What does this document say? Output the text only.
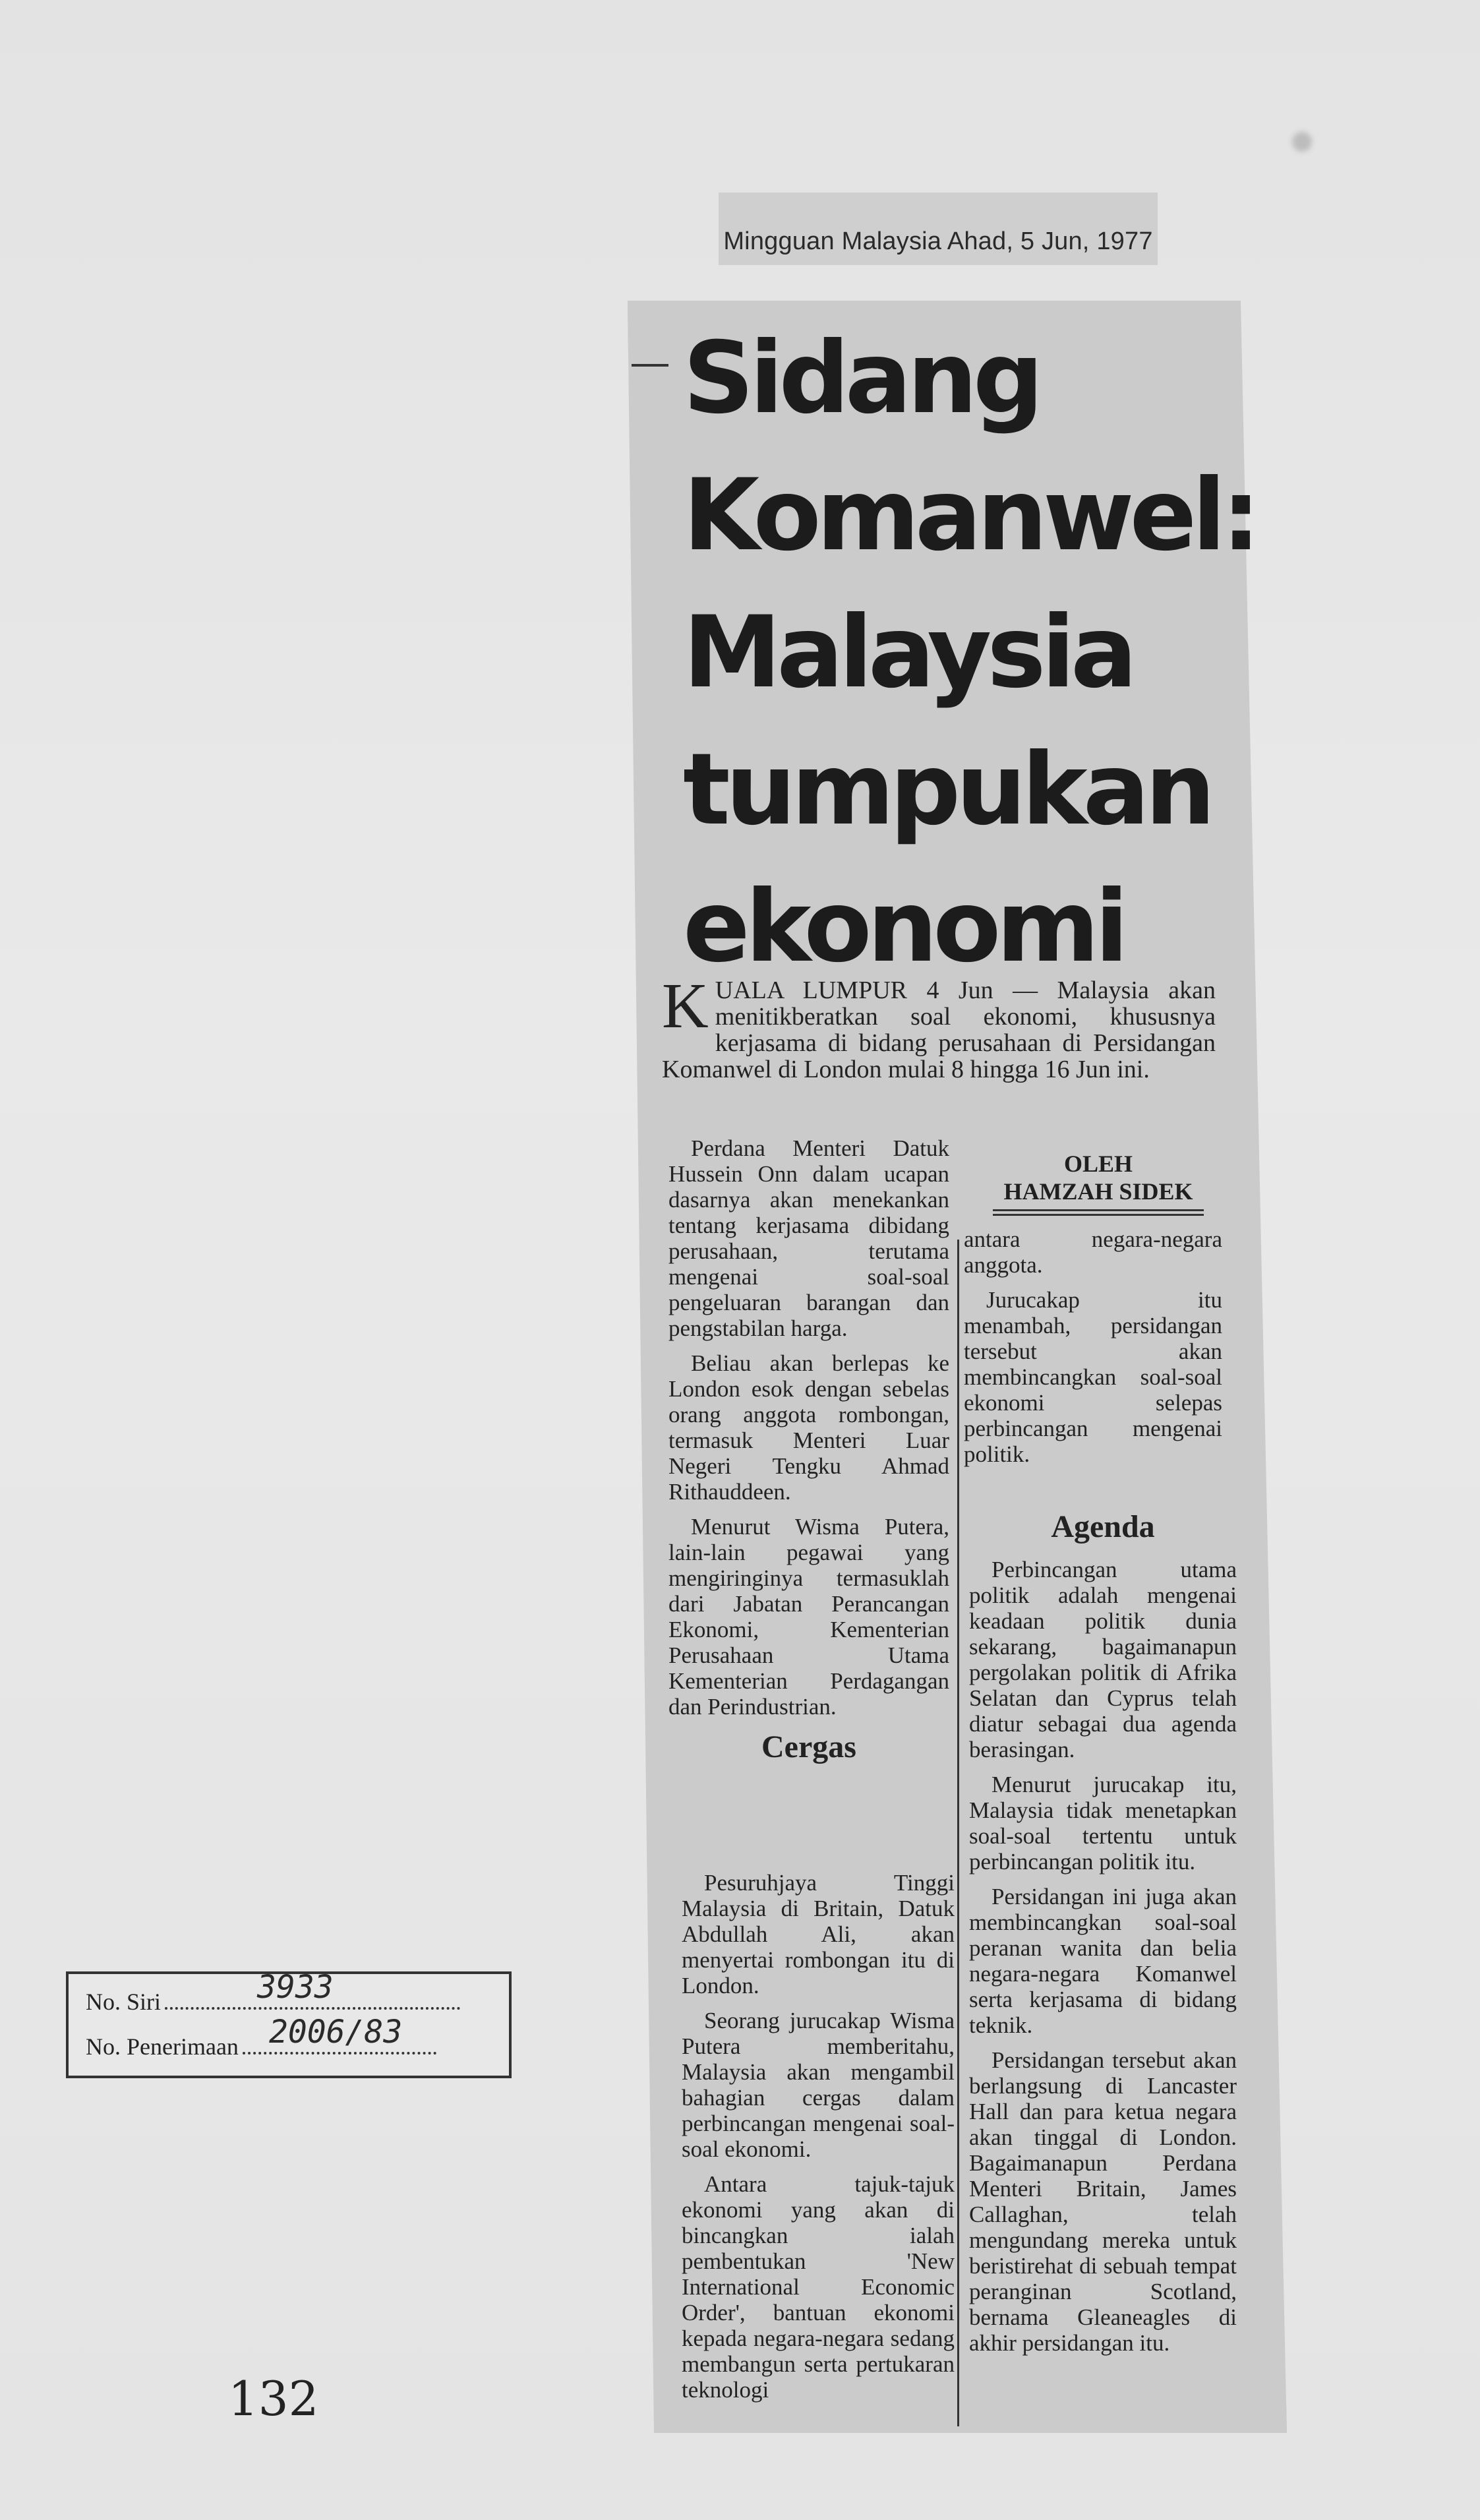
Mingguan Malaysia Ahad, 5 Jun, 1977
Sidang
Komanwel:
Malaysia
tumpukan
ekonomi
K UALA LUMPUR 4 Jun — Malaysia akan menitikberatkan soal ekonomi, khususnya kerjasama di bidang perusahaan di Persidangan Komanwel di London mulai 8 hingga 16 Jun ini.
OLEH
HAMZAH SIDEK

Perdana Menteri Datuk Hussein Onn dalam ucapan dasarnya akan menekankan tentang kerjasama dibidang perusahaan, terutama mengenai soal-soal pengeluaran barangan dan pengstabilan harga.

Beliau akan berlepas ke London esok dengan sebelas orang anggota rombongan, termasuk Menteri Luar Negeri Tengku Ahmad Rithauddeen.

Menurut Wisma Putera, lain-lain pegawai yang mengiringinya termasuklah dari Jabatan Perancangan Ekonomi, Kementerian Perusahaan Utama Kementerian Perdagangan dan Perindustrian.

Cergas

Pesuruhjaya Tinggi Malaysia di Britain, Datuk Abdullah Ali, akan menyertai rombongan itu di London.

Seorang jurucakap Wisma Putera memberitahu, Malaysia akan mengambil bahagian cergas dalam perbincangan mengenai soal-soal ekonomi.

Antara tajuk-tajuk ekonomi yang akan di bincangkan ialah pembentukan 'New International Economic Order', bantuan ekonomi kepada negara-negara sedang membangun serta pertukaran teknologi

antara negara-negara anggota.

Jurucakap itu menambah, persidangan tersebut akan membincangkan soal-soal ekonomi selepas perbincangan mengenai politik.

Agenda

Perbincangan utama politik adalah mengenai keadaan politik dunia sekarang, bagaimanapun pergolakan politik di Afrika Selatan dan Cyprus telah diatur sebagai dua agenda berasingan.

Menurut jurucakap itu, Malaysia tidak menetapkan soal-soal tertentu untuk perbincangan politik itu.

Persidangan ini juga akan membincangkan soal-soal peranan wanita dan belia negara-negara Komanwel serta kerjasama di bidang teknik.

Persidangan tersebut akan berlangsung di Lancaster Hall dan para ketua negara akan tinggal di London. Bagaimanapun Perdana Menteri Britain, James Callaghan, telah mengundang mereka untuk beristirehat di sebuah tempat peranginan Scotland, bernama Gleaneagles di akhir persidangan itu.

No. Siri	3933
No. Penerimaan 2006/83
132
